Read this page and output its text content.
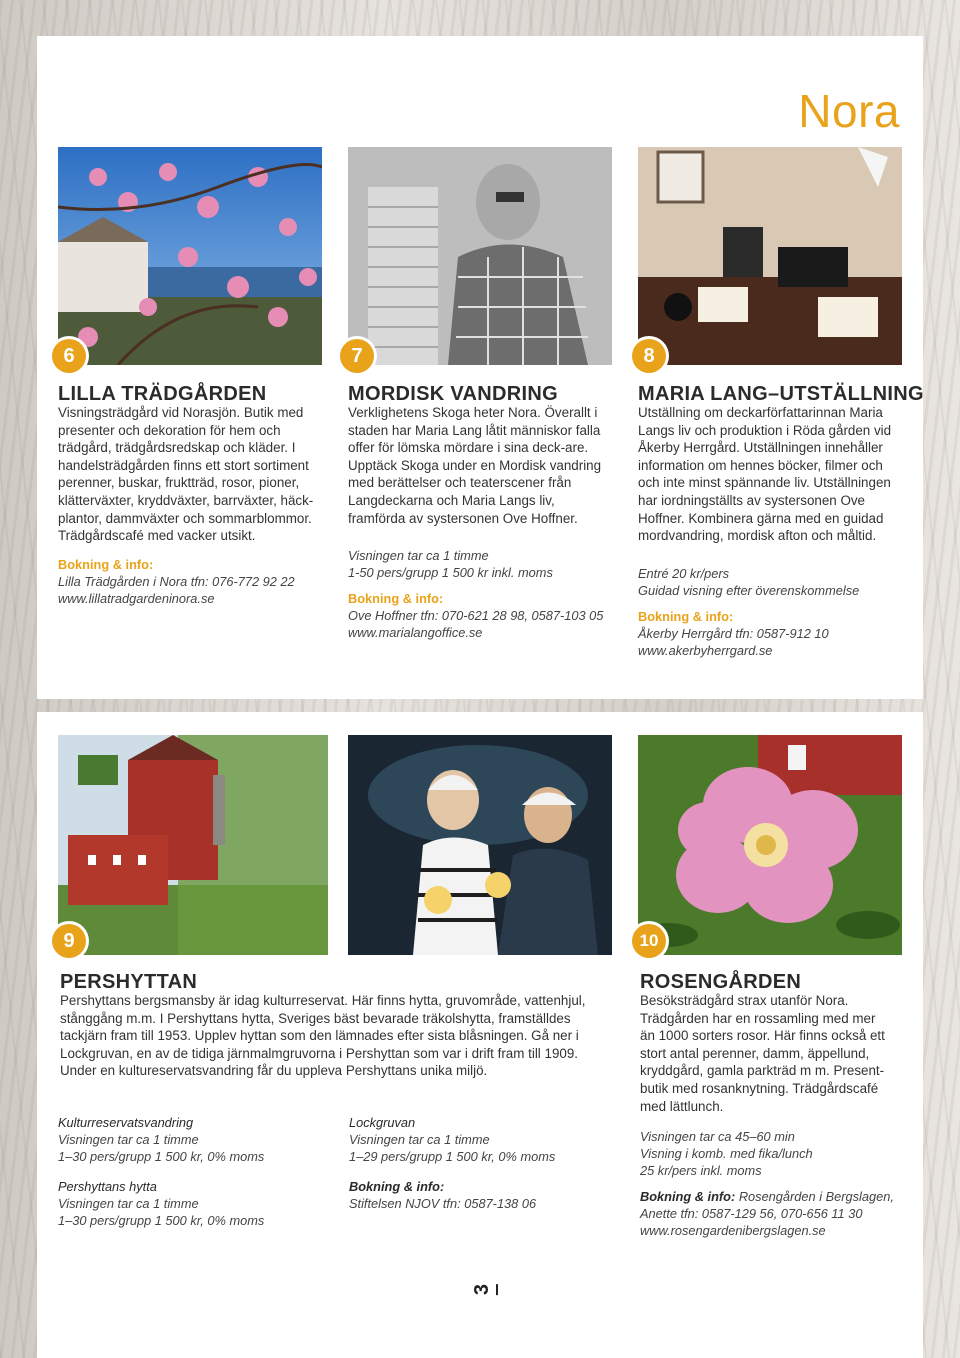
Nora
6	7	8
LILLA TRÄDGÅRDEN
Visningsträdgård vid Norasjön. Butik med presenter och dekoration för hem och trädgård, trädgårdsredskap och kläder. I handelsträdgården finns ett stort sortiment perenner, buskar, fruktträd, rosor, pioner, klätterväxter, kryddväxter, barrväxter, häck-plantor, dammväxter och sommarblommor. Trädgårdscafé med vacker utsikt.
Bokning & info:
Lilla Trädgården i Nora tfn: 076-772 92 22
www.lillatradgardeninora.se
MORDISK VANDRING
Verklighetens Skoga heter Nora. Överallt i staden har Maria Lang låtit människor falla offer för lömska mördare i sina deck-are. Upptäck Skoga under en Mordisk vandring med berättelser och teaterscener från Langdeckarna och Maria Langs liv, framförda av systersonen Ove Hoffner.
Visningen tar ca 1 timme
1-50 pers/grupp 1 500 kr inkl. moms
Bokning & info:
Ove Hoffner tfn: 070-621 28 98, 0587-103 05
www.marialangoffice.se
MARIA LANG–UTSTÄLLNING
Utställning om deckarförfattarinnan Maria Langs liv och produktion i Röda gården vid Åkerby Herrgård. Utställningen innehåller information om hennes böcker, filmer och och inte minst spännande liv. Utställningen har iordningställts av systersonen Ove Hoffner. Kombinera gärna med en guidad mordvandring, mordisk afton och måltid.
Entré 20 kr/pers
Guidad visning efter överenskommelse
Bokning & info:
Åkerby Herrgård tfn: 0587-912 10
www.akerbyherrgard.se
9	10
PERSHYTTAN
Pershyttans bergsmansby är idag kulturreservat. Här finns hytta, gruvområde, vattenhjul, stånggång m.m. I Pershyttans hytta, Sveriges bäst bevarade träkolshytta, framställdes tackjärn fram till 1953. Upplev hyttan som den lämnades efter sista blåsningen. Gå ner i Lockgruvan, en av de tidiga järnmalmgruvorna i Pershyttan som var i drift fram till 1909. Under en kultureservatsvandring får du uppleva Pershyttans unika miljö.
Kulturreservatsvandring
Visningen tar ca 1 timme
1–30 pers/grupp 1 500 kr, 0% moms
Lockgruvan
Visningen tar ca 1 timme
1–29 pers/grupp 1 500 kr, 0% moms
Pershyttans hytta
Visningen tar ca 1 timme
1–30 pers/grupp 1 500 kr, 0% moms
Bokning & info:
Stiftelsen NJOV tfn: 0587-138 06
ROSENGÅRDEN
Besöksträdgård strax utanför Nora. Trädgården har en rossamling med mer än 1000 sorters rosor. Här finns också ett stort antal perenner, damm, äppellund, kryddgård, gamla parkträd m m. Present-butik med rosanknytning. Trädgårdscafé med lättlunch.
Visningen tar ca 45–60 min
Visning i komb. med fika/lunch
25 kr/pers inkl. moms
Bokning & info: Rosengården i Bergslagen,
Anette tfn: 0587-129 56, 070-656 11 30
www.rosengardenibergslagen.se
3
